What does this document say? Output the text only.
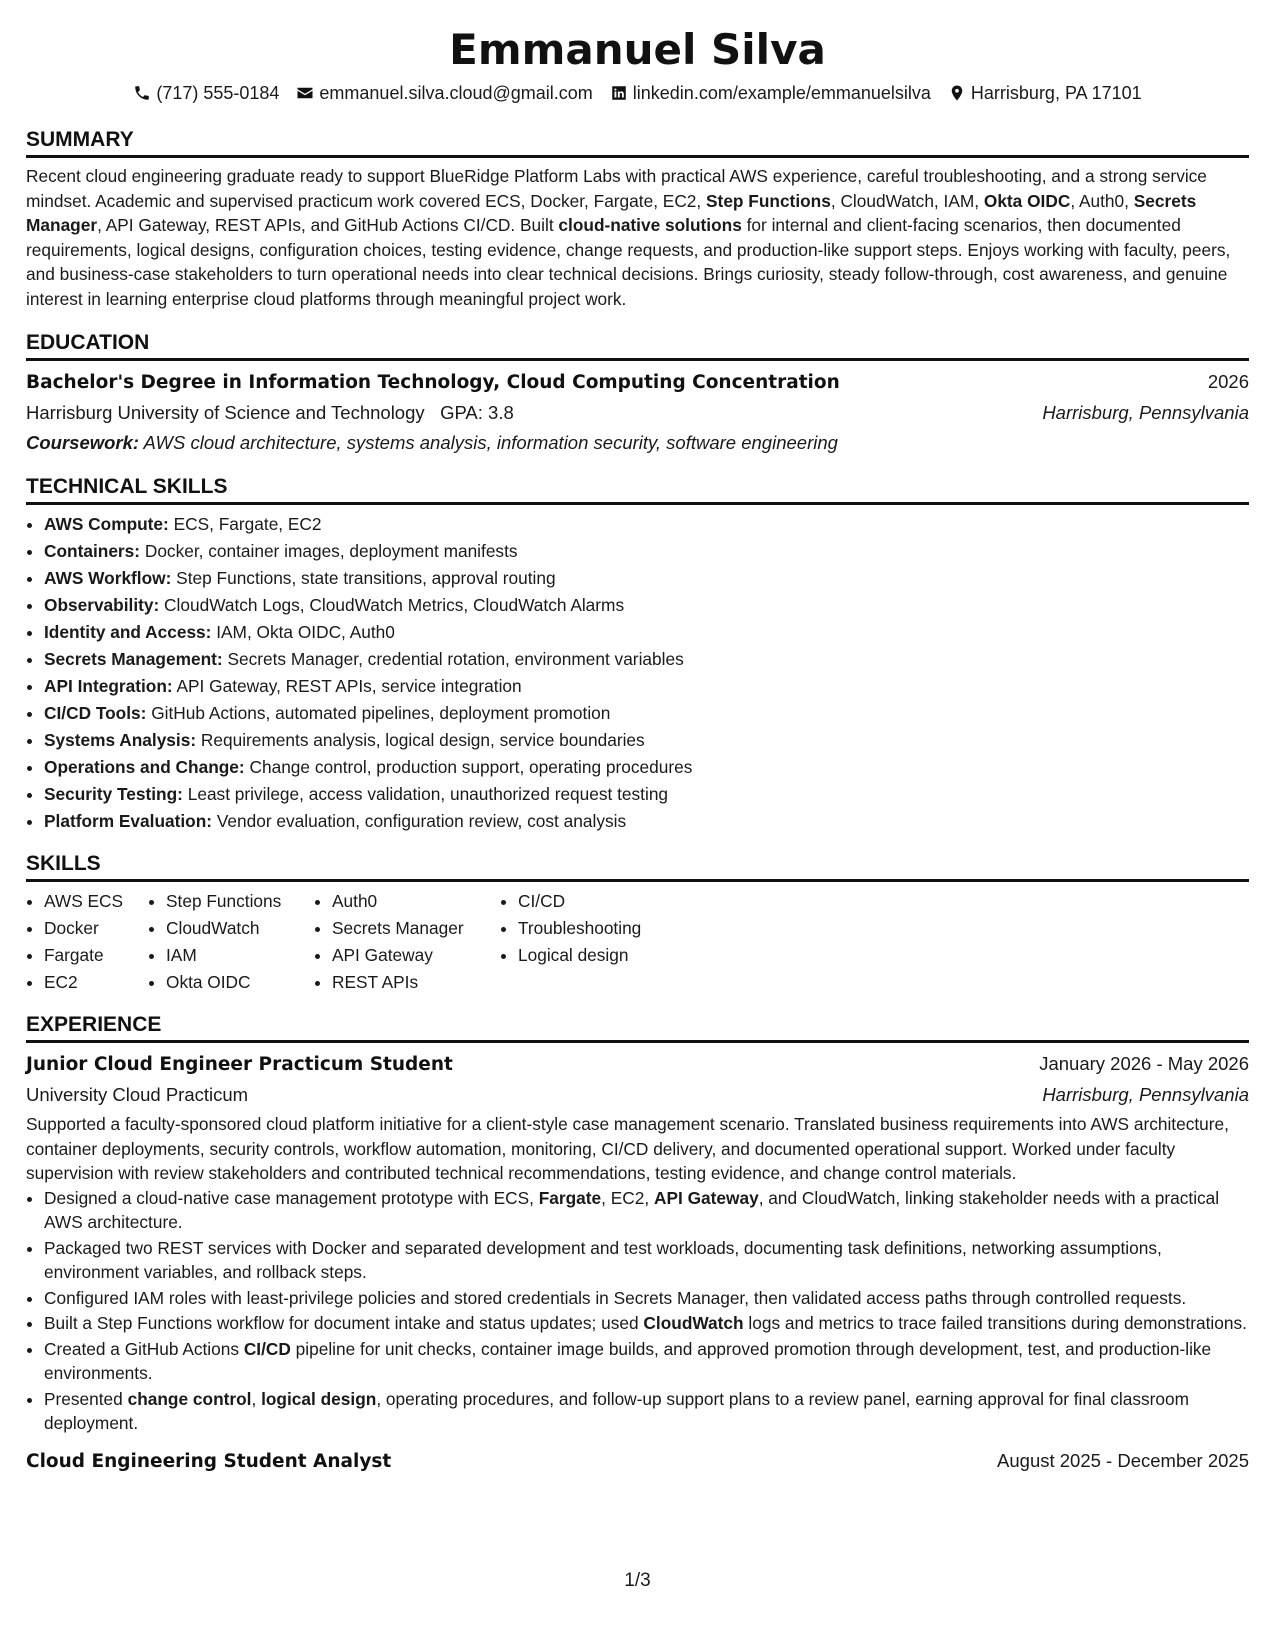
Emmanuel Silva
(717) 555-0184 emmanuel.silva.cloud@gmail.com linkedin.com/example/emmanuelsilva Harrisburg, PA 17101
SUMMARY
Recent cloud engineering graduate ready to support BlueRidge Platform Labs with practical AWS experience, careful troubleshooting, and a strong service mindset. Academic and supervised practicum work covered ECS, Docker, Fargate, EC2, Step Functions, CloudWatch, IAM, Okta OIDC, Auth0, Secrets Manager, API Gateway, REST APIs, and GitHub Actions CI/CD. Built cloud-native solutions for internal and client-facing scenarios, then documented requirements, logical designs, configuration choices, testing evidence, change requests, and production-like support steps. Enjoys working with faculty, peers, and business-case stakeholders to turn operational needs into clear technical decisions. Brings curiosity, steady follow-through, cost awareness, and genuine interest in learning enterprise cloud platforms through meaningful project work.
EDUCATION
Bachelor's Degree in Information Technology, Cloud Computing Concentration	2026
Harrisburg University of Science and Technology GPA: 3.8	Harrisburg, Pennsylvania
Coursework: AWS cloud architecture, systems analysis, information security, software engineering
TECHNICAL SKILLS
• AWS Compute: ECS, Fargate, EC2
• Containers: Docker, container images, deployment manifests
• AWS Workflow: Step Functions, state transitions, approval routing
• Observability: CloudWatch Logs, CloudWatch Metrics, CloudWatch Alarms
• Identity and Access: IAM, Okta OIDC, Auth0
• Secrets Management: Secrets Manager, credential rotation, environment variables
• API Integration: API Gateway, REST APIs, service integration
• CI/CD Tools: GitHub Actions, automated pipelines, deployment promotion
• Systems Analysis: Requirements analysis, logical design, service boundaries
• Operations and Change: Change control, production support, operating procedures
• Security Testing: Least privilege, access validation, unauthorized request testing
• Platform Evaluation: Vendor evaluation, configuration review, cost analysis
SKILLS
• AWS ECS
• Docker
• Fargate
• EC2
• Step Functions
• CloudWatch
• IAM
• Okta OIDC
• Auth0
• Secrets Manager
• API Gateway
• REST APIs
• CI/CD
• Troubleshooting
• Logical design
EXPERIENCE
Junior Cloud Engineer Practicum Student	January 2026 - May 2026
University Cloud Practicum	Harrisburg, Pennsylvania
Supported a faculty-sponsored cloud platform initiative for a client-style case management scenario. Translated business requirements into AWS architecture, container deployments, security controls, workflow automation, monitoring, CI/CD delivery, and documented operational support. Worked under faculty supervision with review stakeholders and contributed technical recommendations, testing evidence, and change control materials.
• Designed a cloud-native case management prototype with ECS, Fargate, EC2, API Gateway, and CloudWatch, linking stakeholder needs with a practical AWS architecture.
• Packaged two REST services with Docker and separated development and test workloads, documenting task definitions, networking assumptions, environment variables, and rollback steps.
• Configured IAM roles with least-privilege policies and stored credentials in Secrets Manager, then validated access paths through controlled requests.
• Built a Step Functions workflow for document intake and status updates; used CloudWatch logs and metrics to trace failed transitions during demonstrations.
• Created a GitHub Actions CI/CD pipeline for unit checks, container image builds, and approved promotion through development, test, and production-like environments.
• Presented change control, logical design, operating procedures, and follow-up support plans to a review panel, earning approval for final classroom deployment.
Cloud Engineering Student Analyst	August 2025 - December 2025
1/3
